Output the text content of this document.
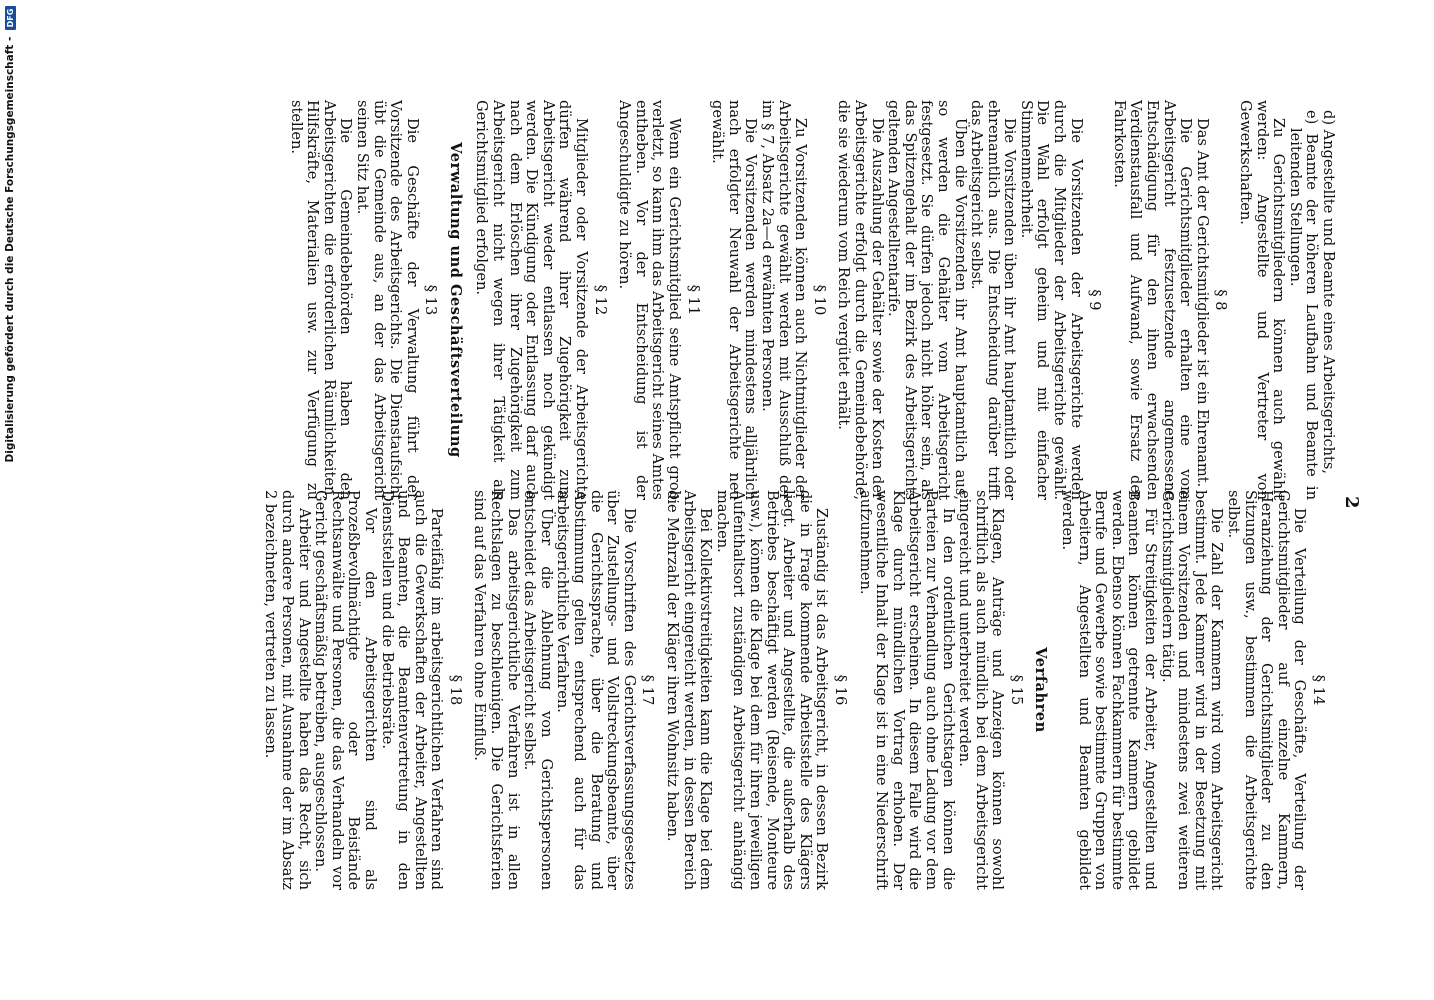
2

d) Angestellte und Beamte eines Arbeitsgerichts,

e) Beamte der höheren Laufbahn und Beamte in leitenden Stellungen.

Zu Gerichtsmitgliedern können auch gewählt werden: Angestellte und Vertreter von Gewerkschaften.

§ 8

Das Amt der Gerichtsmitglieder ist ein Ehrenamt.

Die Gerichtsmitglieder erhalten eine vom Arbeitsgericht festzusetzende angemessene Entschädigung für den ihnen erwachsenden Verdienstausfall und Aufwand, sowie Ersatz der Fahrkosten.

§ 9

Die Vorsitzenden der Arbeitsgerichte werden durch die Mitglieder der Arbeitsgerichte gewählt. Die Wahl erfolgt geheim und mit einfacher Stimmenmehrheit.

Die Vorsitzenden üben ihr Amt hauptamtlich oder ehrenamtlich aus. Die Entscheidung darüber trifft das Arbeitsgericht selbst.

Üben die Vorsitzenden ihr Amt hauptamtlich aus, so werden die Gehälter vom Arbeitsgericht festgesetzt. Sie dürfen jedoch nicht höher sein, als das Spitzengehalt der im Bezirk des Arbeitsgerichts geltenden Angestelltentarife.

Die Auszahlung der Gehälter sowie der Kosten der Arbeitsgerichte erfolgt durch die Gemeindebehörde, die sie wiederum vom Reich vergütet erhält.

§ 10

Zu Vorsitzenden können auch Nichtmitglieder der Arbeitsgerichte gewählt werden mit Ausschluß der im § 7, Absatz 2a—d erwähnten Personen.

Die Vorsitzenden werden mindestens alljährlich nach erfolgter Neuwahl der Arbeitsgerichte neu gewählt.

§ 11

Wenn ein Gerichtsmitglied seine Amtspflicht grob verletzt, so kann ihm das Arbeitsgericht seines Amtes entheben. Vor der Entscheidung ist der Angeschuldigte zu hören.

§ 12

Mitglieder oder Vorsitzende der Arbeitsgerichte dürfen während ihrer Zugehörigkeit zum Arbeitsgericht weder entlassen noch gekündigt werden. Die Kündigung oder Entlassung darf auch nach dem Erlöschen ihrer Zugehörigkeit zum Arbeitsgericht nicht wegen ihrer Tätigkeit als Gerichtsmitglied erfolgen.

Verwaltung und Geschäftsverteilung
§ 13

Die Geschäfte der Verwaltung führt der Vorsitzende des Arbeitsgerichts. Die Dienstaufsicht übt die Gemeinde aus, an der das Arbeitsgericht seinen Sitz hat.

Die Gemeindebehörden haben den Arbeitsgerichten die erforderlichen Räumlichkeiten, Hilfskräfte, Materialien usw. zur Verfügung zu stellen.

§ 14

Die Verteilung der Geschäfte, Verteilung der Gerichtsmitglieder auf einzelne Kammern, Heranziehung der Gerichtsmitglieder zu den Sitzungen usw., bestimmen die Arbeitsgerichte selbst.

Die Zahl der Kammern wird vom Arbeitsgericht bestimmt. Jede Kammer wird in der Besetzung mit einem Vorsitzenden und mindestens zwei weiteren Gerichtsmitgliedern tätig.

Für Streitigkeiten der Arbeiter, Angestellten und Beamten können getrennte Kammern gebildet werden. Ebenso können Fachkammern für bestimmte Berufe und Gewerbe sowie bestimmte Gruppen von Arbeitern, Angestellten und Beamten gebildet werden.

Verfahren
§ 15

Klagen, Anträge und Anzeigen können sowohl schriftlich als auch mündlich bei dem Arbeitsgericht eingereicht und unterbreitet werden.

In den ordentlichen Gerichtstagen können die Parteien zur Verhandlung auch ohne Ladung vor dem Arbeitsgericht erscheinen. In diesem Falle wird die Klage durch mündlichen Vortrag erhoben. Der wesentliche Inhalt der Klage ist in eine Niederschrift aufzunehmen.

§ 16

Zuständig ist das Arbeitsgericht, in dessen Bezirk die in Frage kommende Arbeitsstelle des Klägers liegt. Arbeiter und Angestellte, die außerhalb des Betriebes beschäftigt werden (Reisende, Monteure usw.), können die Klage bei dem für ihren jeweiligen Aufenthaltsort zuständigen Arbeitsgericht anhängig machen.

Bei Kollektivstreitigkeiten kann die Klage bei dem Arbeitsgericht eingereicht werden, in dessen Bereich die Mehrzahl der Kläger ihren Wohnsitz haben.

§ 17

Die Vorschriften des Gerichtsverfassungsgesetzes über Zustellungs- und Vollstreckungsbeamte, über die Gerichtssprache, über die Beratung und Abstimmung gelten entsprechend auch für das arbeitsgerichtliche Verfahren.

Über die Ablehnung von Gerichtspersonen entscheidet das Arbeitsgericht selbst.

Das arbeitsgerichtliche Verfahren ist in allen Rechtslagen zu beschleunigen. Die Gerichtsferien sind auf das Verfahren ohne Einfluß.

§ 18

Parteifähig im arbeitsgerichtlichen Verfahren sind auch die Gewerkschaften der Arbeiter, Angestellten und Beamten, die Beamtenvertretung in den Dienststellen und die Betriebsräte.

Vor den Arbeitsgerichten sind als Prozeßbevollmächtigte oder Beistände Rechtsanwälte und Personen, die das Verhandeln vor Gericht geschäftsmäßig betreiben, ausgeschlossen.

Arbeiter und Angestellte haben das Recht, sich durch andere Personen, mit Ausnahme der im Absatz 2 bezeichneten, vertreten zu lassen.

Digitalisierung gefördert durch die Deutsche Forschungsgemeinschaft - DFG
